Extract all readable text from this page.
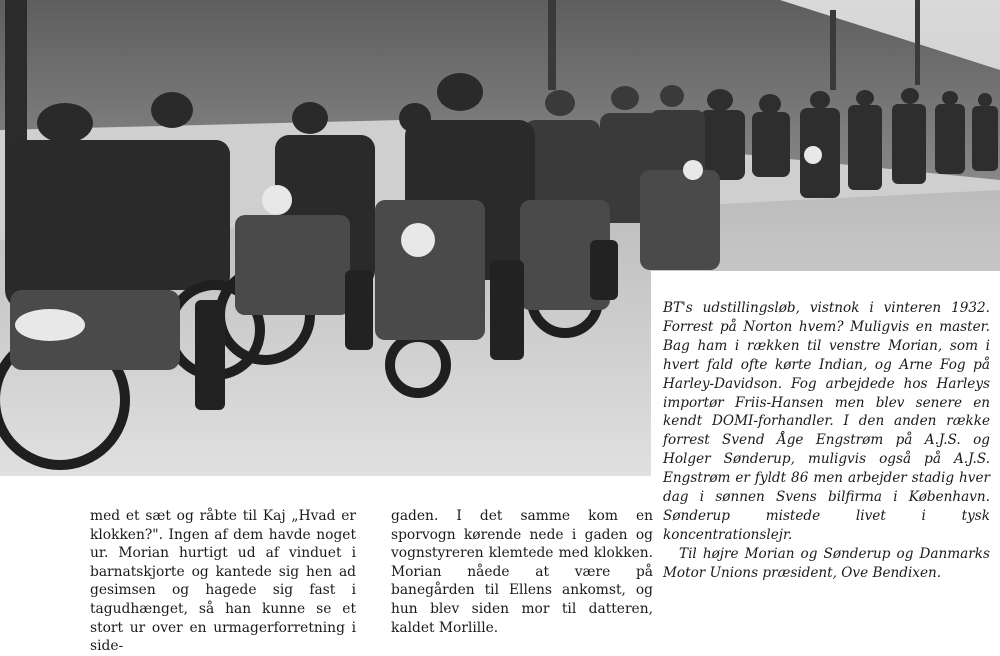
BT's udstillingsløb, vistnok i vinteren 1932. Forrest på Norton hvem? Muligvis en master. Bag ham i rækken til venstre Morian, som i hvert fald ofte kørte Indian, og Arne Fog på Harley-Davidson. Fog arbejdede hos Harleys importør Friis-Hansen men blev senere en kendt DOMI-forhandler. I den anden række forrest Svend Åge Engstrøm på A.J.S. og Holger Sønderup, muligvis også på A.J.S. Engstrøm er fyldt 86 men arbejder stadig hver dag i sønnen Svens bilfirma i København. Sønderup mistede livet i tysk koncentrationslejr.

Til højre Morian og Sønderup og Danmarks Motor Unions præsident, Ove Bendixen.

med et sæt og råbte til Kaj „Hvad er klokken?". Ingen af dem havde noget ur. Morian hurtigt ud af vinduet i barnatskjorte og kantede sig hen ad gesimsen og hagede sig fast i tagudhænget, så han kunne se et stort ur over en urmagerforretning i side-

gaden. I det samme kom en sporvogn kørende nede i gaden og vognstyreren klemtede med klokken. Morian nåede at være på banegården til Ellens ankomst, og hun blev siden mor til datteren, kaldet Morlille.
